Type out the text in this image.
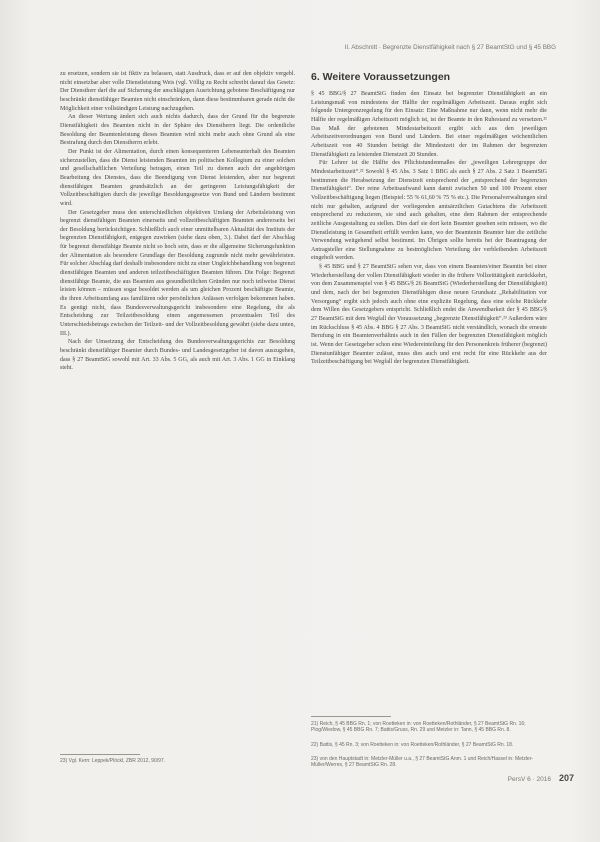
II. Abschnitt · Begrenzte Dienstfähigkeit nach § 27 BeamtStG und § 45 BBG

zu ersetzen, sondern sie ist fiktiv zu belassen, statt Ausdruck, dass er auf den objektiv vergebl. nicht einsetzbar aber volle Dienstleistung Weis (vgl. Völlig zu Recht schreibt darauf das Gesetz: Der Dienstherr darf die auf Sicherung der anschlägigen Ausrichtung gebotene Beschäftigung nur beschränkt dienstfähiger Beamten nicht einschränken, dann diese bestimmbaren gerade nicht die Möglichkeit einer vollständigen Leistung nachzugehen.

An dieser Wertung ändert sich auch nichts dadurch, dass der Grund für die begrenzte Dienstfähigkeit des Beamten nicht in der Sphäre des Dienstherrn liegt. Die ordentliche Besoldung der Beamtenleistung dieses Beamten wird nicht mehr auch ohne Grund als eine Bestrafung durch den Dienstherrn erlebt.

Der Punkt ist der Alimentation, durch einen konsequenteren Lebensunterhalt des Beamten sicherzustellen, dass die Dienst leistenden Beamten im politischen Kollegium zu einer solchen und gesellschaftlichen Verteilung betragen, einen Teil zu dienen auch der angehörigen Bearbeitung des Dienstes, dass die Beendigung von Dienst leistenden, aber nur begrenzt dienstfähigen Beamten grundsätzlich an der geringeren Leistungsfähigkeit der Vollzeitbeschäftigten durch die jeweilige Besoldungsgesetze von Bund und Ländern bestimmt wird.

Der Gesetzgeber muss den unterschiedlichen objektiven Umfang der Arbeitsleistung von begrenzt dienstfähigen Beamten einerseits und vollzeitbeschäftigten Beamten andererseits bei der Besoldung berücksichtigen. Schließlich auch einer unmittelbaren Aktualität des Instituts der begrenzten Dienstfähigkeit, entgegen zuwirken (siehe dazu oben, 3.). Dabei darf der Abschlag für begrenzt dienstfähige Beamte nicht so hoch sein, dass er die allgemeine Sicherungsfunktion der Alimentation als besondere Grundlage der Besoldung zugrunde nicht mehr gewährleisten. Für solcher Abschlag darf deshalb insbesondere nicht zu einer Ungleichbehandlung von begrenzt dienstfähigen Beamten und anderen teilzeitbeschäftigten Beamten führen. Die Folge: Begrenzt dienstfähige Beamte, die aus Beamten aus gesundheitlichen Gründen nur noch teilweise Dienst leisten können – müssen sogar besoldet werden als um gleichen Prozent beschäftigte Beamte, die ihren Arbeitsumfang aus familiären oder persönlichen Anlässen verfolgen bekommen haben. Es genügt nicht, dass Bundesverwaltungsgericht insbesondere eine Regelung, die als Entscheidung zur Teilzeitbesoldung einen angemessenen prozentualen Teil des Unterschiedsbetrags zwischen der Teilzeit- und der Vollzeitbesoldung gewährt (siehe dazu unten, III.).

Nach der Umsetzung der Entscheidung des Bundesverwaltungsgerichts zur Besoldung beschränkt dienstfähiger Beamter durch Bundes- und Landesgesetzgeber ist davon auszugehen, dass § 27 BeamtStG sowohl mit Art. 33 Abs. 5 GG, als auch mit Art. 3 Abs. 1 GG in Einklang steht.

23) Vgl. Kern: Leppek/Plöckl, ZBR 2012, 90/97.
6. Weitere Voraussetzungen

§ 45 BBG/§ 27 BeamtStG finden den Einsatz bei begrenzter Dienstfähigkeit an ein Leistungsmaß von mindestens der Hälfte der regelmäßigen Arbeitszeit. Daraus ergibt sich folgende Untergrenzregelung für den Einsatz: Eine Maßnahme nur dann, wenn nicht mehr die Hälfte der regelmäßigen Arbeitszeit möglich ist, ist der Beamte in den Ruhestand zu versetzen.²¹ Das Maß der gebotenen Mindestarbeitszeit ergibt sich aus den jeweiligen Arbeitszeitverordnungen von Bund und Ländern. Bei einer regelmäßigen wöchentlichen Arbeitszeit von 40 Stunden beträgt die Mindestzeit der im Rahmen der begrenzten Dienstfähigkeit zu leistenden Dienstzeit 20 Stunden.

Für Lehrer ist die Hälfte des Pflichtstundenmaßes der „jeweiligen Lehrergruppe der Mindestarbeitszeit“.²² Sowohl § 45 Abs. 3 Satz 1 BBG als auch § 27 Abs. 2 Satz 1 BeamtStG bestimmen die Herabsetzung der Dienstzeit entsprechend der „entsprechend der begrenzten Dienstfähigkeit“. Der reine Arbeitsaufwand kann damit zwischen 50 und 100 Prozent einer Vollzeitbeschäftigung liegen (Beispiel: 55 % 61,60 % 75 % etc.). Die Personalverwaltungen sind nicht nur gehalten, aufgrund der vorliegenden amtsärztlichen Gutachtens die Arbeitszeit entsprechend zu reduzieren, sie sind auch gehalten, eine dem Rahmen der entsprechende zeitliche Ausgestaltung zu stellen. Dies darf sie dort kein Beamter gesehen sein müssen, wo die Dienstleistung in Gesamtheit erfüllt werden kann, wo der Beamtenin Beamter hier die zeitliche Verwendung weitgehend selbst bestimmt. Im Übrigen sollte bereits bei der Beantragung der Antragsteller eine Stellungnahme zu bestmöglichen Verteilung der verbleibenden Arbeitszeit eingeholt werden.

§ 45 BBG und § 27 BeamtStG sehen vor, dass von einem Beamten/einer Beamtin bei einer Wiederherstellung der vollen Dienstfähigkeit wieder in die frühere Vollzeittätigkeit zurückkehrt, von dem Zusammenspiel von § 45 BBG/§ 26 BeamtStG (Wiederherstellung der Dienstfähigkeit) und dem, nach der bei begrenzten Dienstfähigen diese neuen Grundsatz „Rehabilitation vor Versorgung“ ergibt sich jedoch auch ohne eine explizite Regelung, dass eine solche Rückkehr dem Willen des Gesetzgebers entspricht. Schließlich endet die Anwendbarkeit der § 45 BBG/§ 27 BeamtStG mit dem Wegfall der Voraussetzung „begrenzte Dienstfähigkeit“.²³ Außerdem wäre im Rückschluss § 45 Abs. 4 BBG § 27 Abs. 3 BeamtStG nicht verständlich, wonach die erneute Berufung in ein Beamtenverhältnis auch in den Fällen der begrenzten Dienstfähigkeit möglich ist. Wenn der Gesetzgeber schon eine Wiedereinteilung für den Personenkreis früherer (begrenzt) Dienstunfähiger Beamter zulässt, muss dies auch und erst recht für eine Rückkehr aus der Teilzeitbeschäftigung bei Wegfall der begrenzten Dienstfähigkeit.

21) Reich, § 45 BBG Rn. 1; von Roetteken in: von Roetteken/Rothländer, § 27 BeamtStG Rn. 16; Plog/Wiedow, § 45 BBG Rn. 7; Battis/Gruss, Rn. 29 und Metzler in: Tann, § 45 BBG Rn. 8.
22) Battis, § 45 Rn. 3; von Roetteken in: von Roetteken/Rothländer, § 27 BeamtStG Rn. 18.
23) von den Hauptstadt in: Metzler-Müller u.a., § 27 BeamtStG Anm. 1 und Reich/Hassel in: Metzler-Müller/Werres, § 27 BeamtStG Rn. 28.
PersV 6 · 2016 207
